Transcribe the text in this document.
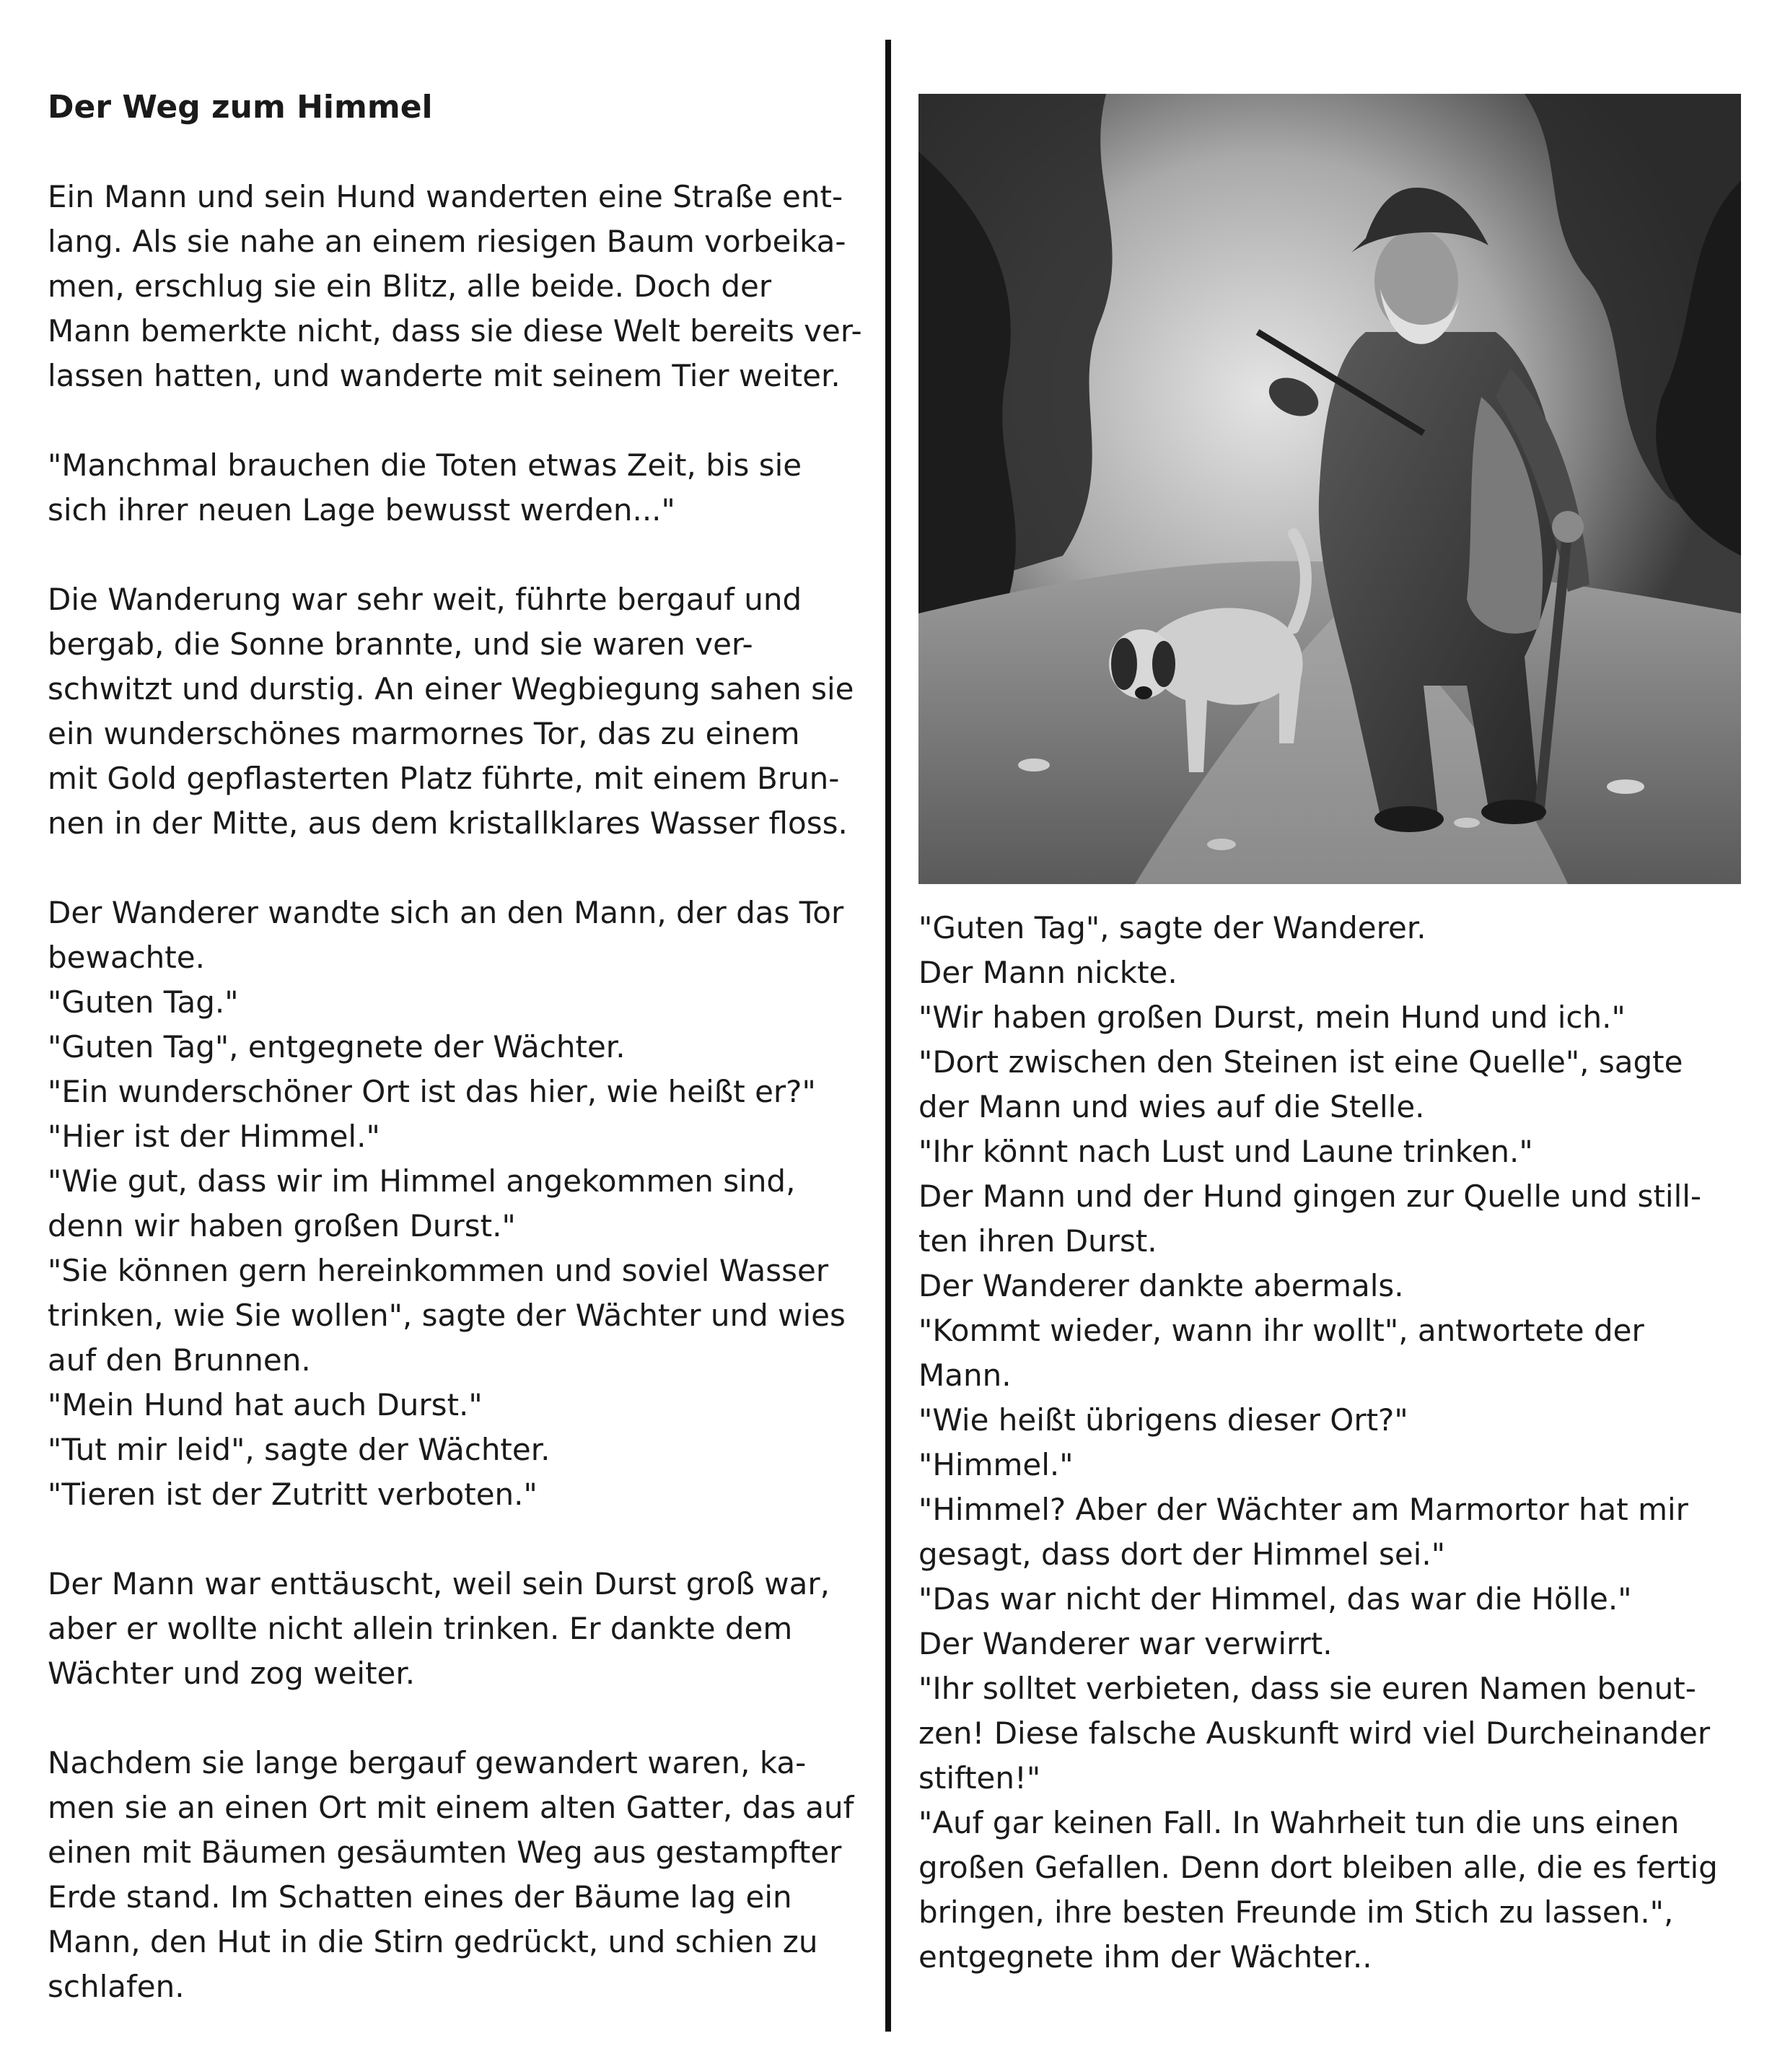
Der Weg zum Himmel
Ein Mann und sein Hund wanderten eine Straße ent-
lang. Als sie nahe an einem riesigen Baum vorbeika-
men, erschlug sie ein Blitz, alle beide. Doch der
Mann bemerkte nicht, dass sie diese Welt bereits ver-
lassen hatten, und wanderte mit seinem Tier weiter.
"Manchmal brauchen die Toten etwas Zeit, bis sie
sich ihrer neuen Lage bewusst werden..."
Die Wanderung war sehr weit, führte bergauf und
bergab, die Sonne brannte, und sie waren ver-
schwitzt und durstig. An einer Wegbiegung sahen sie
ein wunderschönes marmornes Tor, das zu einem
mit Gold gepflasterten Platz führte, mit einem Brun-
nen in der Mitte, aus dem kristallklares Wasser floss.
Der Wanderer wandte sich an den Mann, der das Tor
bewachte.
"Guten Tag."
"Guten Tag", entgegnete der Wächter.
"Ein wunderschöner Ort ist das hier, wie heißt er?"
"Hier ist der Himmel."
"Wie gut, dass wir im Himmel angekommen sind,
denn wir haben großen Durst."
"Sie können gern hereinkommen und soviel Wasser
trinken, wie Sie wollen", sagte der Wächter und wies
auf den Brunnen.
"Mein Hund hat auch Durst."
"Tut mir leid", sagte der Wächter.
"Tieren ist der Zutritt verboten."
Der Mann war enttäuscht, weil sein Durst groß war,
aber er wollte nicht allein trinken. Er dankte dem
Wächter und zog weiter.
Nachdem sie lange bergauf gewandert waren, ka-
men sie an einen Ort mit einem alten Gatter, das auf
einen mit Bäumen gesäumten Weg aus gestampfter
Erde stand. Im Schatten eines der Bäume lag ein
Mann, den Hut in die Stirn gedrückt, und schien zu
schlafen.
"Guten Tag", sagte der Wanderer.
Der Mann nickte.
"Wir haben großen Durst, mein Hund und ich."
"Dort zwischen den Steinen ist eine Quelle", sagte
der Mann und wies auf die Stelle.
"Ihr könnt nach Lust und Laune trinken."
Der Mann und der Hund gingen zur Quelle und still-
ten ihren Durst.
Der Wanderer dankte abermals.
"Kommt wieder, wann ihr wollt", antwortete der
Mann.
"Wie heißt übrigens dieser Ort?"
"Himmel."
"Himmel? Aber der Wächter am Marmortor hat mir
gesagt, dass dort der Himmel sei."
"Das war nicht der Himmel, das war die Hölle."
Der Wanderer war verwirrt.
"Ihr solltet verbieten, dass sie euren Namen benut-
zen! Diese falsche Auskunft wird viel Durcheinander
stiften!"
"Auf gar keinen Fall. In Wahrheit tun die uns einen
großen Gefallen. Denn dort bleiben alle, die es fertig
bringen, ihre besten Freunde im Stich zu lassen.",
entgegnete ihm der Wächter..
